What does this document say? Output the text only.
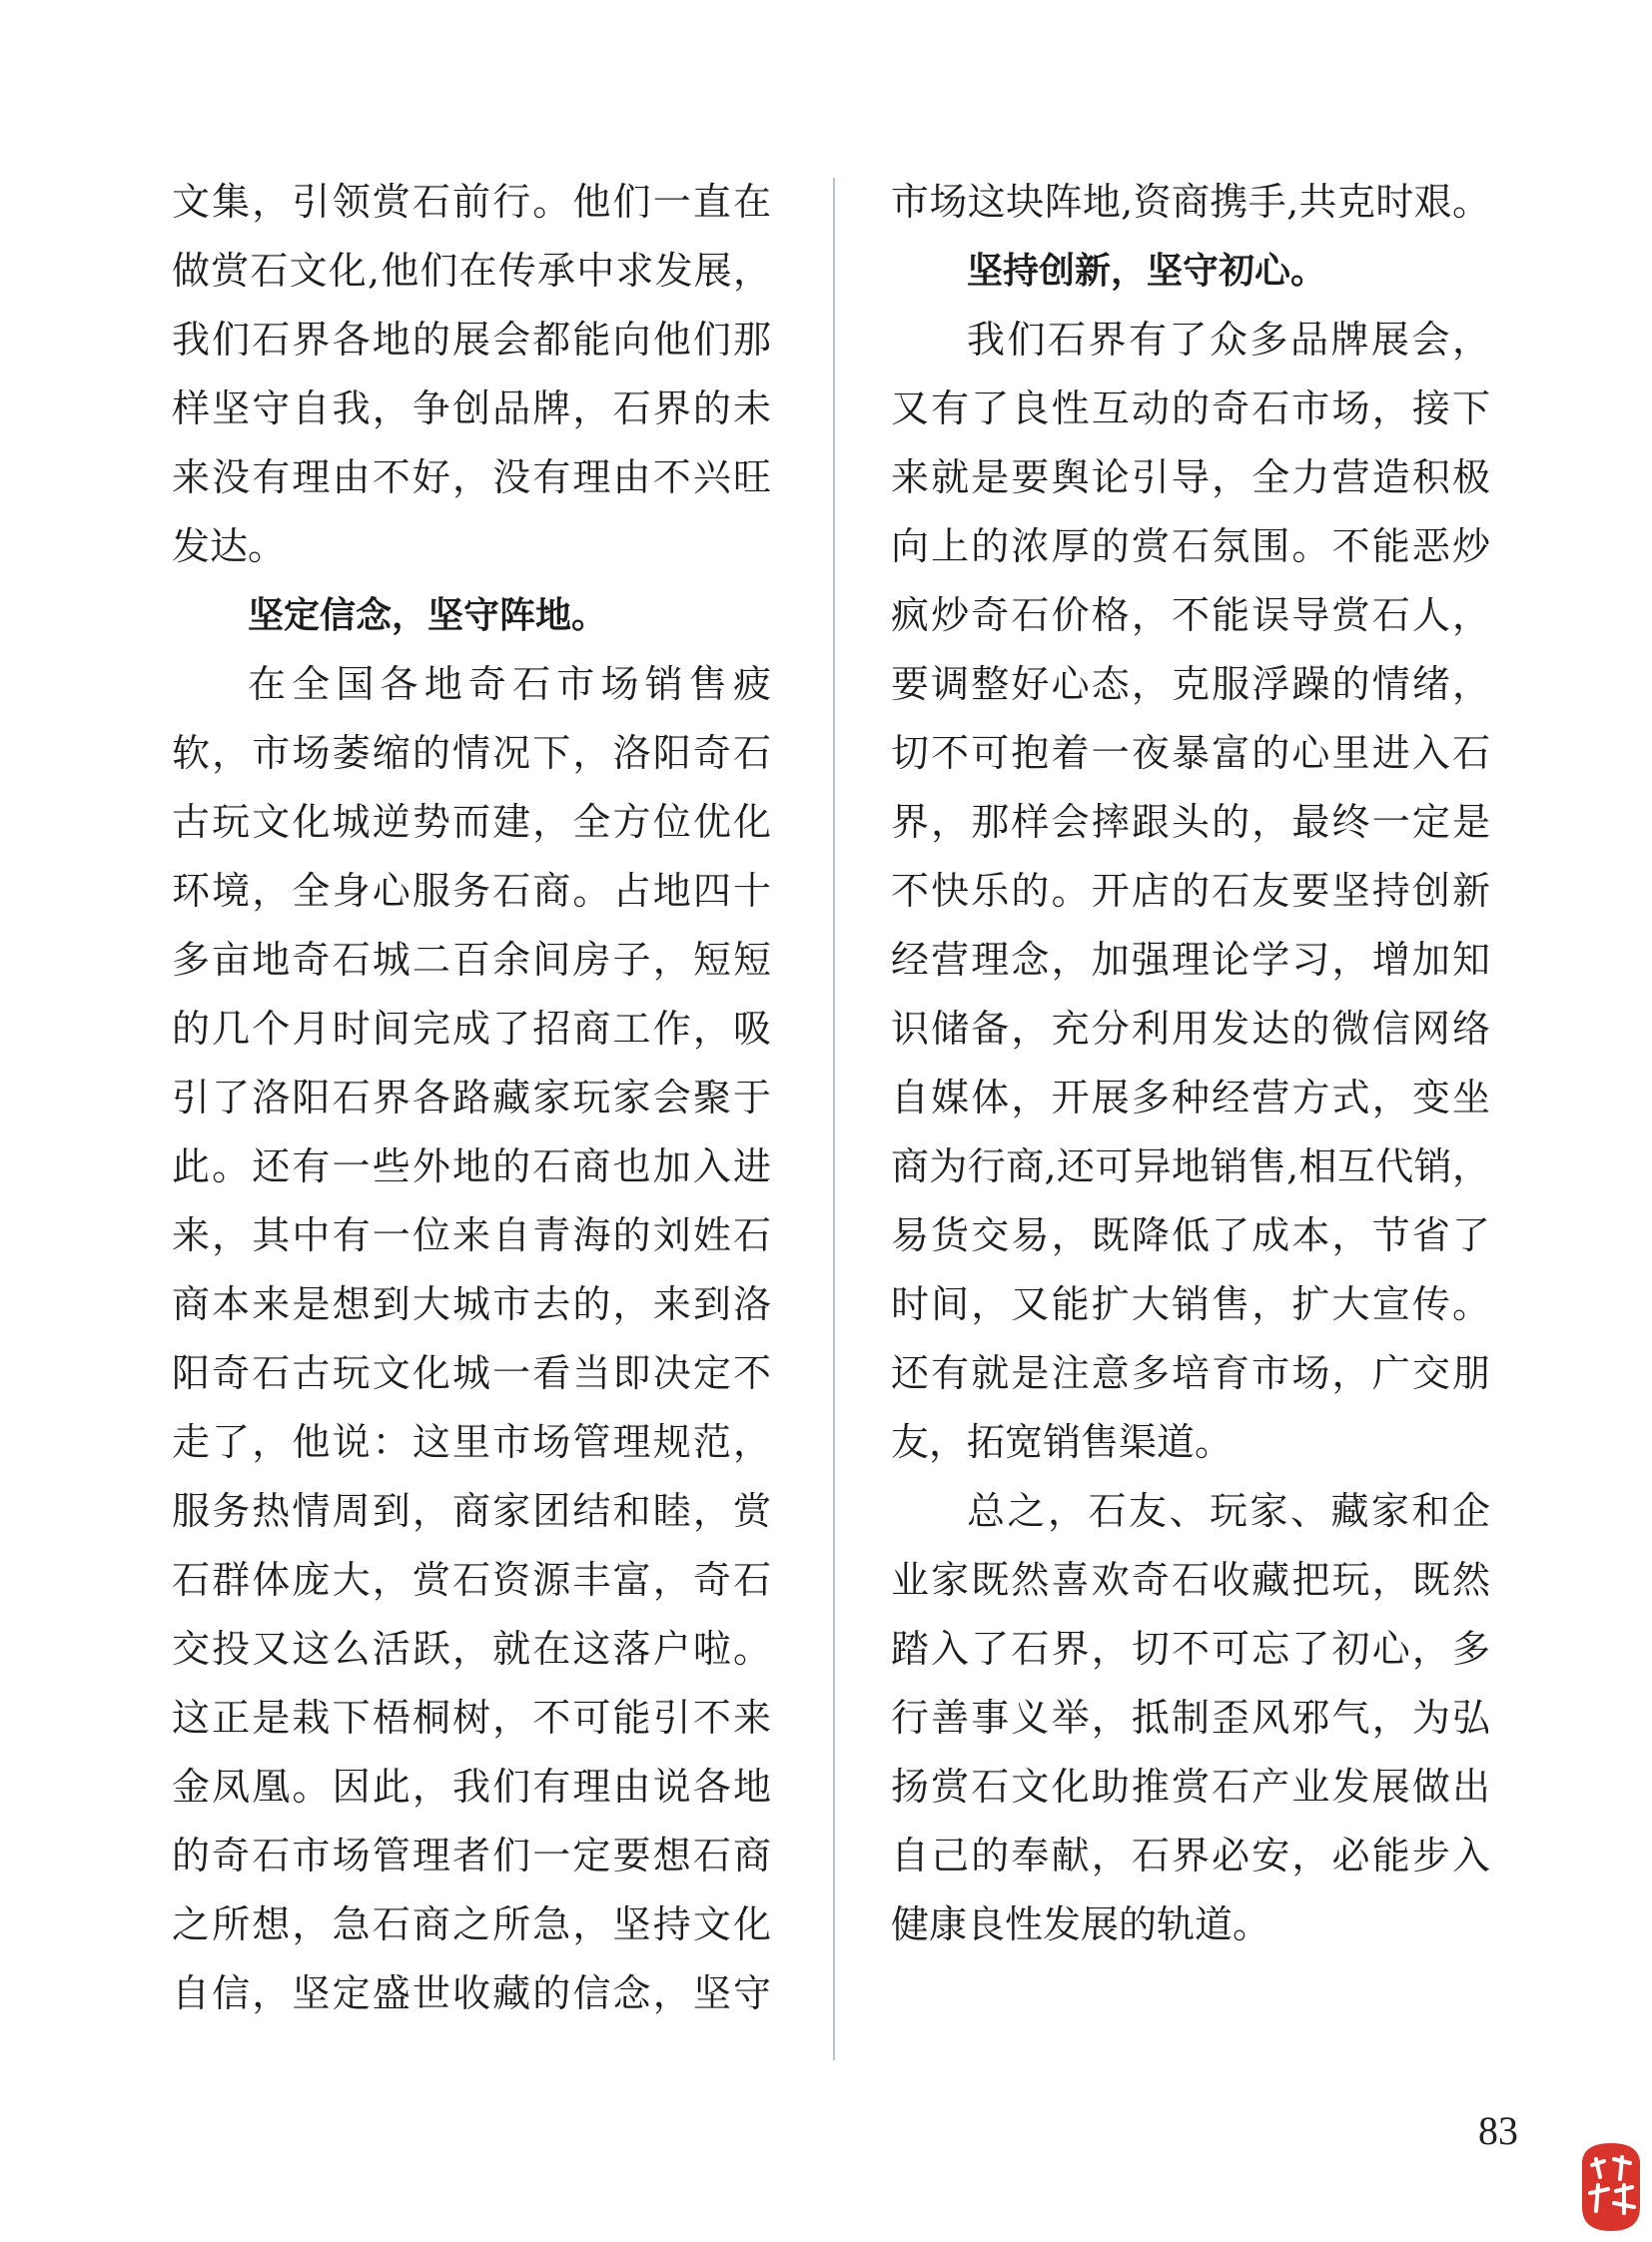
文集，引领赏石前行。他们一直在
做赏石文化,他们在传承中求发展，
我们石界各地的展会都能向他们那
样坚守自我，争创品牌，石界的未
来没有理由不好，没有理由不兴旺
发达。
坚定信念，坚守阵地。
在全国各地奇石市场销售疲
软，市场萎缩的情况下，洛阳奇石
古玩文化城逆势而建，全方位优化
环境，全身心服务石商。占地四十
多亩地奇石城二百余间房子，短短
的几个月时间完成了招商工作，吸
引了洛阳石界各路藏家玩家会聚于
此。还有一些外地的石商也加入进
来，其中有一位来自青海的刘姓石
商本来是想到大城市去的，来到洛
阳奇石古玩文化城一看当即决定不
走了，他说：这里市场管理规范，
服务热情周到，商家团结和睦，赏
石群体庞大，赏石资源丰富，奇石
交投又这么活跃，就在这落户啦。
这正是栽下梧桐树，不可能引不来
金凤凰。因此，我们有理由说各地
的奇石市场管理者们一定要想石商
之所想，急石商之所急，坚持文化
自信，坚定盛世收藏的信念，坚守
市场这块阵地,资商携手,共克时艰。
坚持创新，坚守初心。
我们石界有了众多品牌展会，
又有了良性互动的奇石市场，接下
来就是要舆论引导，全力营造积极
向上的浓厚的赏石氛围。不能恶炒
疯炒奇石价格，不能误导赏石人，
要调整好心态，克服浮躁的情绪，
切不可抱着一夜暴富的心里进入石
界，那样会摔跟头的，最终一定是
不快乐的。开店的石友要坚持创新
经营理念，加强理论学习，增加知
识储备，充分利用发达的微信网络
自媒体，开展多种经营方式，变坐
商为行商,还可异地销售,相互代销，
易货交易，既降低了成本，节省了
时间，又能扩大销售，扩大宣传。
还有就是注意多培育市场，广交朋
友，拓宽销售渠道。
总之，石友、玩家、藏家和企
业家既然喜欢奇石收藏把玩，既然
踏入了石界，切不可忘了初心，多
行善事义举，抵制歪风邪气，为弘
扬赏石文化助推赏石产业发展做出
自己的奉献，石界必安，必能步入
健康良性发展的轨道。
83
